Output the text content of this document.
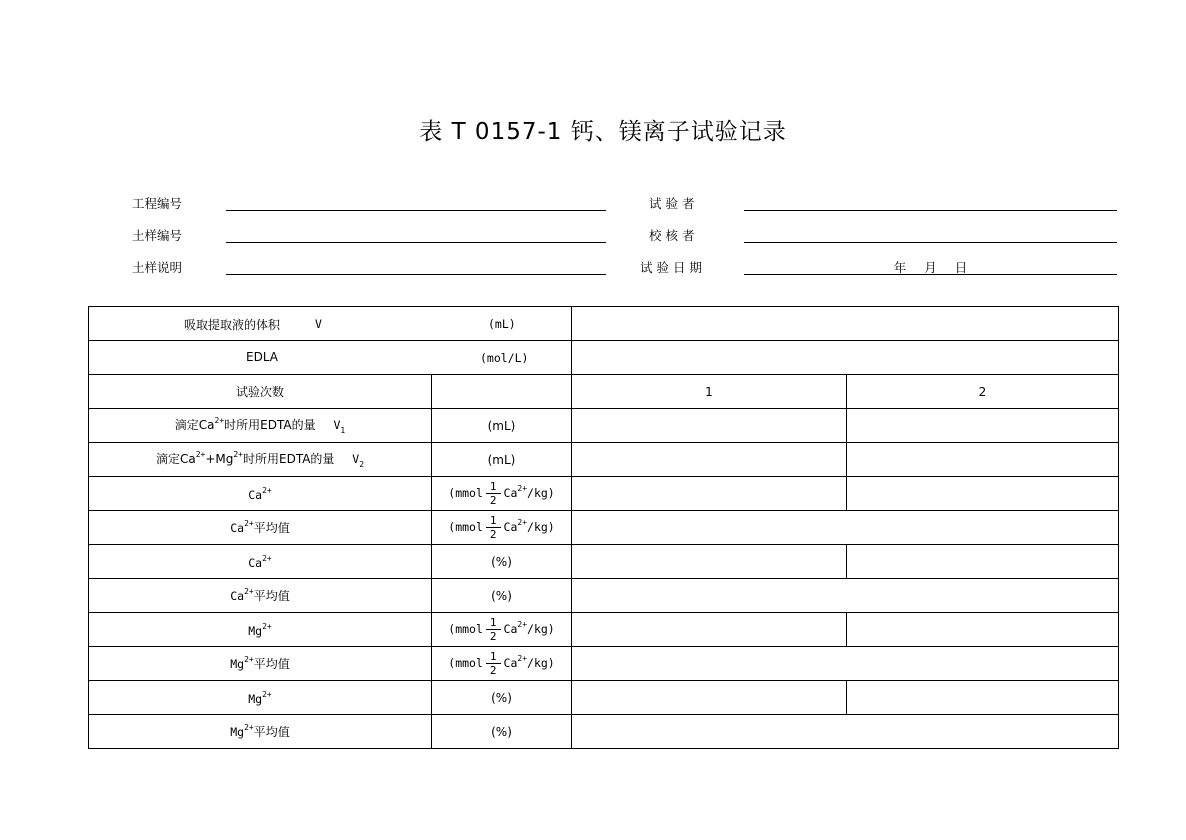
表 T 0157-1 钙、镁离子试验记录
工程编号
土样编号
土样说明
试 验 者
校 核 者
试 验 日 期	年 月 日
吸取提取液的体积 V (mL)			

EDLA (mol/L)			

试验次数		1	2
滴定$Ca^{2+}$时所用EDTA的量 $V_1$	(mL)		
滴定$Ca^{2+}+Mg^{2+}$时所用EDTA的量 $V_2$	(mL)		
$Ca^{2+}$	(mmol $\frac{1}{2} Ca^{2+}/kg$)		
$Ca^{2+}$平均值	(mmol $\frac{1}{2} Ca^{2+}/kg$)		
$Ca^{2+}$	(%)		
$Ca^{2+}$平均值	(%)		
$Mg^{2+}$	(mmol $\frac{1}{2} Ca^{2+}/kg$)		
$Mg^{2+}$平均值	(mmol $\frac{1}{2} Ca^{2+}/kg$)		
$Mg^{2+}$	(%)		
$Mg^{2+}$平均值	(%)		
